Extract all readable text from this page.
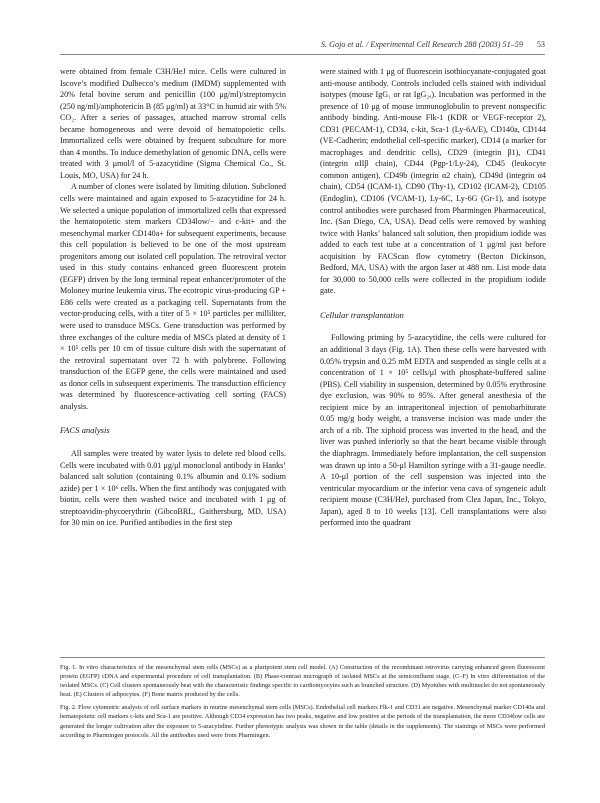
S. Gojo et al. / Experimental Cell Research 288 (2003) 51–59 53

were obtained from female C3H/HeJ mice. Cells were cultured in Iscove’s modified Dulbecco’s medium (IMDM) supplemented with 20% fetal bovine serum and penicillin (100 μg/ml)/streptomycin (250 ng/ml)/amphotericin B (85 μg/ml) at 33°C in humid air with 5% CO₂. After a series of passages, attached marrow stromal cells became homogeneous and were devoid of hematopoietic cells. Immortalized cells were obtained by frequent subculture for more than 4 months. To induce demethylation of genomic DNA, cells were treated with 3 μmol/l of 5-azacytidine (Sigma Chemical Co., St. Louis, MO, USA) for 24 h.

A number of clones were isolated by limiting dilution. Subcloned cells were maintained and again exposed to 5-azacytidine for 24 h. We selected a unique population of immortalized cells that expressed the hematopoietic stem markers CD34low/− and c-kit+ and the mesenchymal marker CD140a+ for subsequent experiments, because this cell population is believed to be one of the most upstream progenitors among our isolated cell population. The retroviral vector used in this study contains enhanced green fluorescent protein (EGFP) driven by the long terminal repeat enhancer/promoter of the Moloney murine leukemia virus. The ecotropic virus-producing GP + E86 cells were created as a packaging cell. Supernatants from the vector-producing cells, with a titer of 5 × 10⁵ particles per milliliter, were used to transduce MSCs. Gene transduction was performed by three exchanges of the culture media of MSCs plated at density of 1 × 10⁵ cells per 10 cm of tissue culture dish with the supernatant of the retroviral supernatant over 72 h with polybrene. Following transduction of the EGFP gene, the cells were maintained and used as donor cells in subsequent experiments. The transduction efficiency was determined by fluorescence-activating cell sorting (FACS) analysis.

FACS analysis

All samples were treated by water lysis to delete red blood cells. Cells were incubated with 0.01 μg/μl monoclonal antibody in Hanks’ balanced salt solution (containing 0.1% albumin and 0.1% sodium azide) per 1 × 10⁶ cells. When the first antibody was conjugated with biotin, cells were then washed twice and incubated with 1 μg of streptoavidin-phycoerythrin (GibcoBRL, Gaithersburg, MD, USA) for 30 min on ice. Purified antibodies in the first step

were stained with 1 μg of fluorescein isothiocyanate-conjugated goat anti-mouse antibody. Controls included cells stained with individual isotypes (mouse IgG₁ or rat IgG₂ₐ). Incubation was performed in the presence of 10 μg of mouse immunoglobulin to prevent nonspecific antibody binding. Anti-mouse Flk-1 (KDR or VEGF-receptor 2), CD31 (PECAM-1), CD34, c-kit, Sca-1 (Ly-6A/E), CD140a, CD144 (VE-Cadherin; endothelial cell-specific marker), CD14 (a marker for macrophages and dendritic cells), CD29 (integrin β1), CD41 (integrin αIIβ chain), CD44 (Pgp-1/Ly-24), CD45 (leukocyte common antigen), CD49b (integrin α2 chain), CD49d (integrin α4 chain), CD54 (ICAM-1), CD90 (Thy-1), CD102 (ICAM-2), CD105 (Endoglin), CD106 (VCAM-1), Ly-6C, Ly-6G (Gr-1), and isotype control antibodies were purchased from Pharmingen Pharmaceutical, Inc. (San Diego, CA, USA). Dead cells were removed by washing twice with Hanks’ balanced salt solution, then propidium iodide was added to each test tube at a concentration of 1 μg/ml just before acquisition by FACScan flow cytometry (Becton Dickinson, Bedford, MA, USA) with the argon laser at 488 nm. List mode data for 30,000 to 50,000 cells were collected in the propidium iodide gate.

Cellular transplantation

Following priming by 5-azacytidine, the cells were cultured for an additional 3 days (Fig. 1A). Then these cells were harvested with 0.05% trypsin and 0.25 mM EDTA and suspended as single cells at a concentration of 1 × 10⁵ cells/μl with phosphate-buffered saline (PBS). Cell viability in suspension, determined by 0.05% erythrosine dye exclusion, was 90% to 95%. After general anesthesia of the recipient mice by an intraperitoneal injection of pentobarbiturate 0.05 mg/g body weight, a transverse incision was made under the arch of a rib. The xiphoid process was inverted to the head, and the liver was pushed inferiorly so that the heart became visible through the diaphragm. Immediately before implantation, the cell suspension was drawn up into a 50-μl Hamilton syringe with a 31-gauge needle. A 10-μl portion of the cell suspension was injected into the ventricular myocardium or the inferior vena cava of syngeneic adult recipient mouse (C3H/HeJ, purchased from Clea Japan, Inc., Tokyo, Japan), aged 8 to 10 weeks [13]. Cell transplantations were also performed into the quadrant

Fig. 1. In vitro characteristics of the mesenchymal stem cells (MSCs) as a pluripotent stem cell model. (A) Construction of the recombinant retrovirus carrying enhanced green fluorescent protein (EGFP) cDNA and experimental procedure of cell transplantation. (B) Phase-contrast micrograph of isolated MSCs at the semiconfluent stage. (C–F) In vitro differentiation of the isolated MSCs. (C) Cell clusters spontaneously beat with the characteristic findings specific to cardiomyocytes such as branched structure. (D) Myotubes with multinuclei do not spontaneously beat. (E) Clusters of adipocytes. (F) Bone matrix produced by the cells.

Fig. 2. Flow cytometric analysis of cell surface markers in murine mesenchymal stem cells (MSCs). Endothelial cell markers Flk-1 and CD31 are negative. Mesenchymal marker CD140a and hematopoietic cell markers c-kits and Sca-1 are positive. Although CD34 expression has two peaks, negative and low positive at the periods of the transplantation, the more CD34low cells are generated the longer cultivation after the exposure to 5-azacytidine. Further phenotypic analysis was shown in the table (details in the supplements). The stainings of MSCs were performed according to Pharmingen protocols. All the antibodies used were from Pharmingen.
